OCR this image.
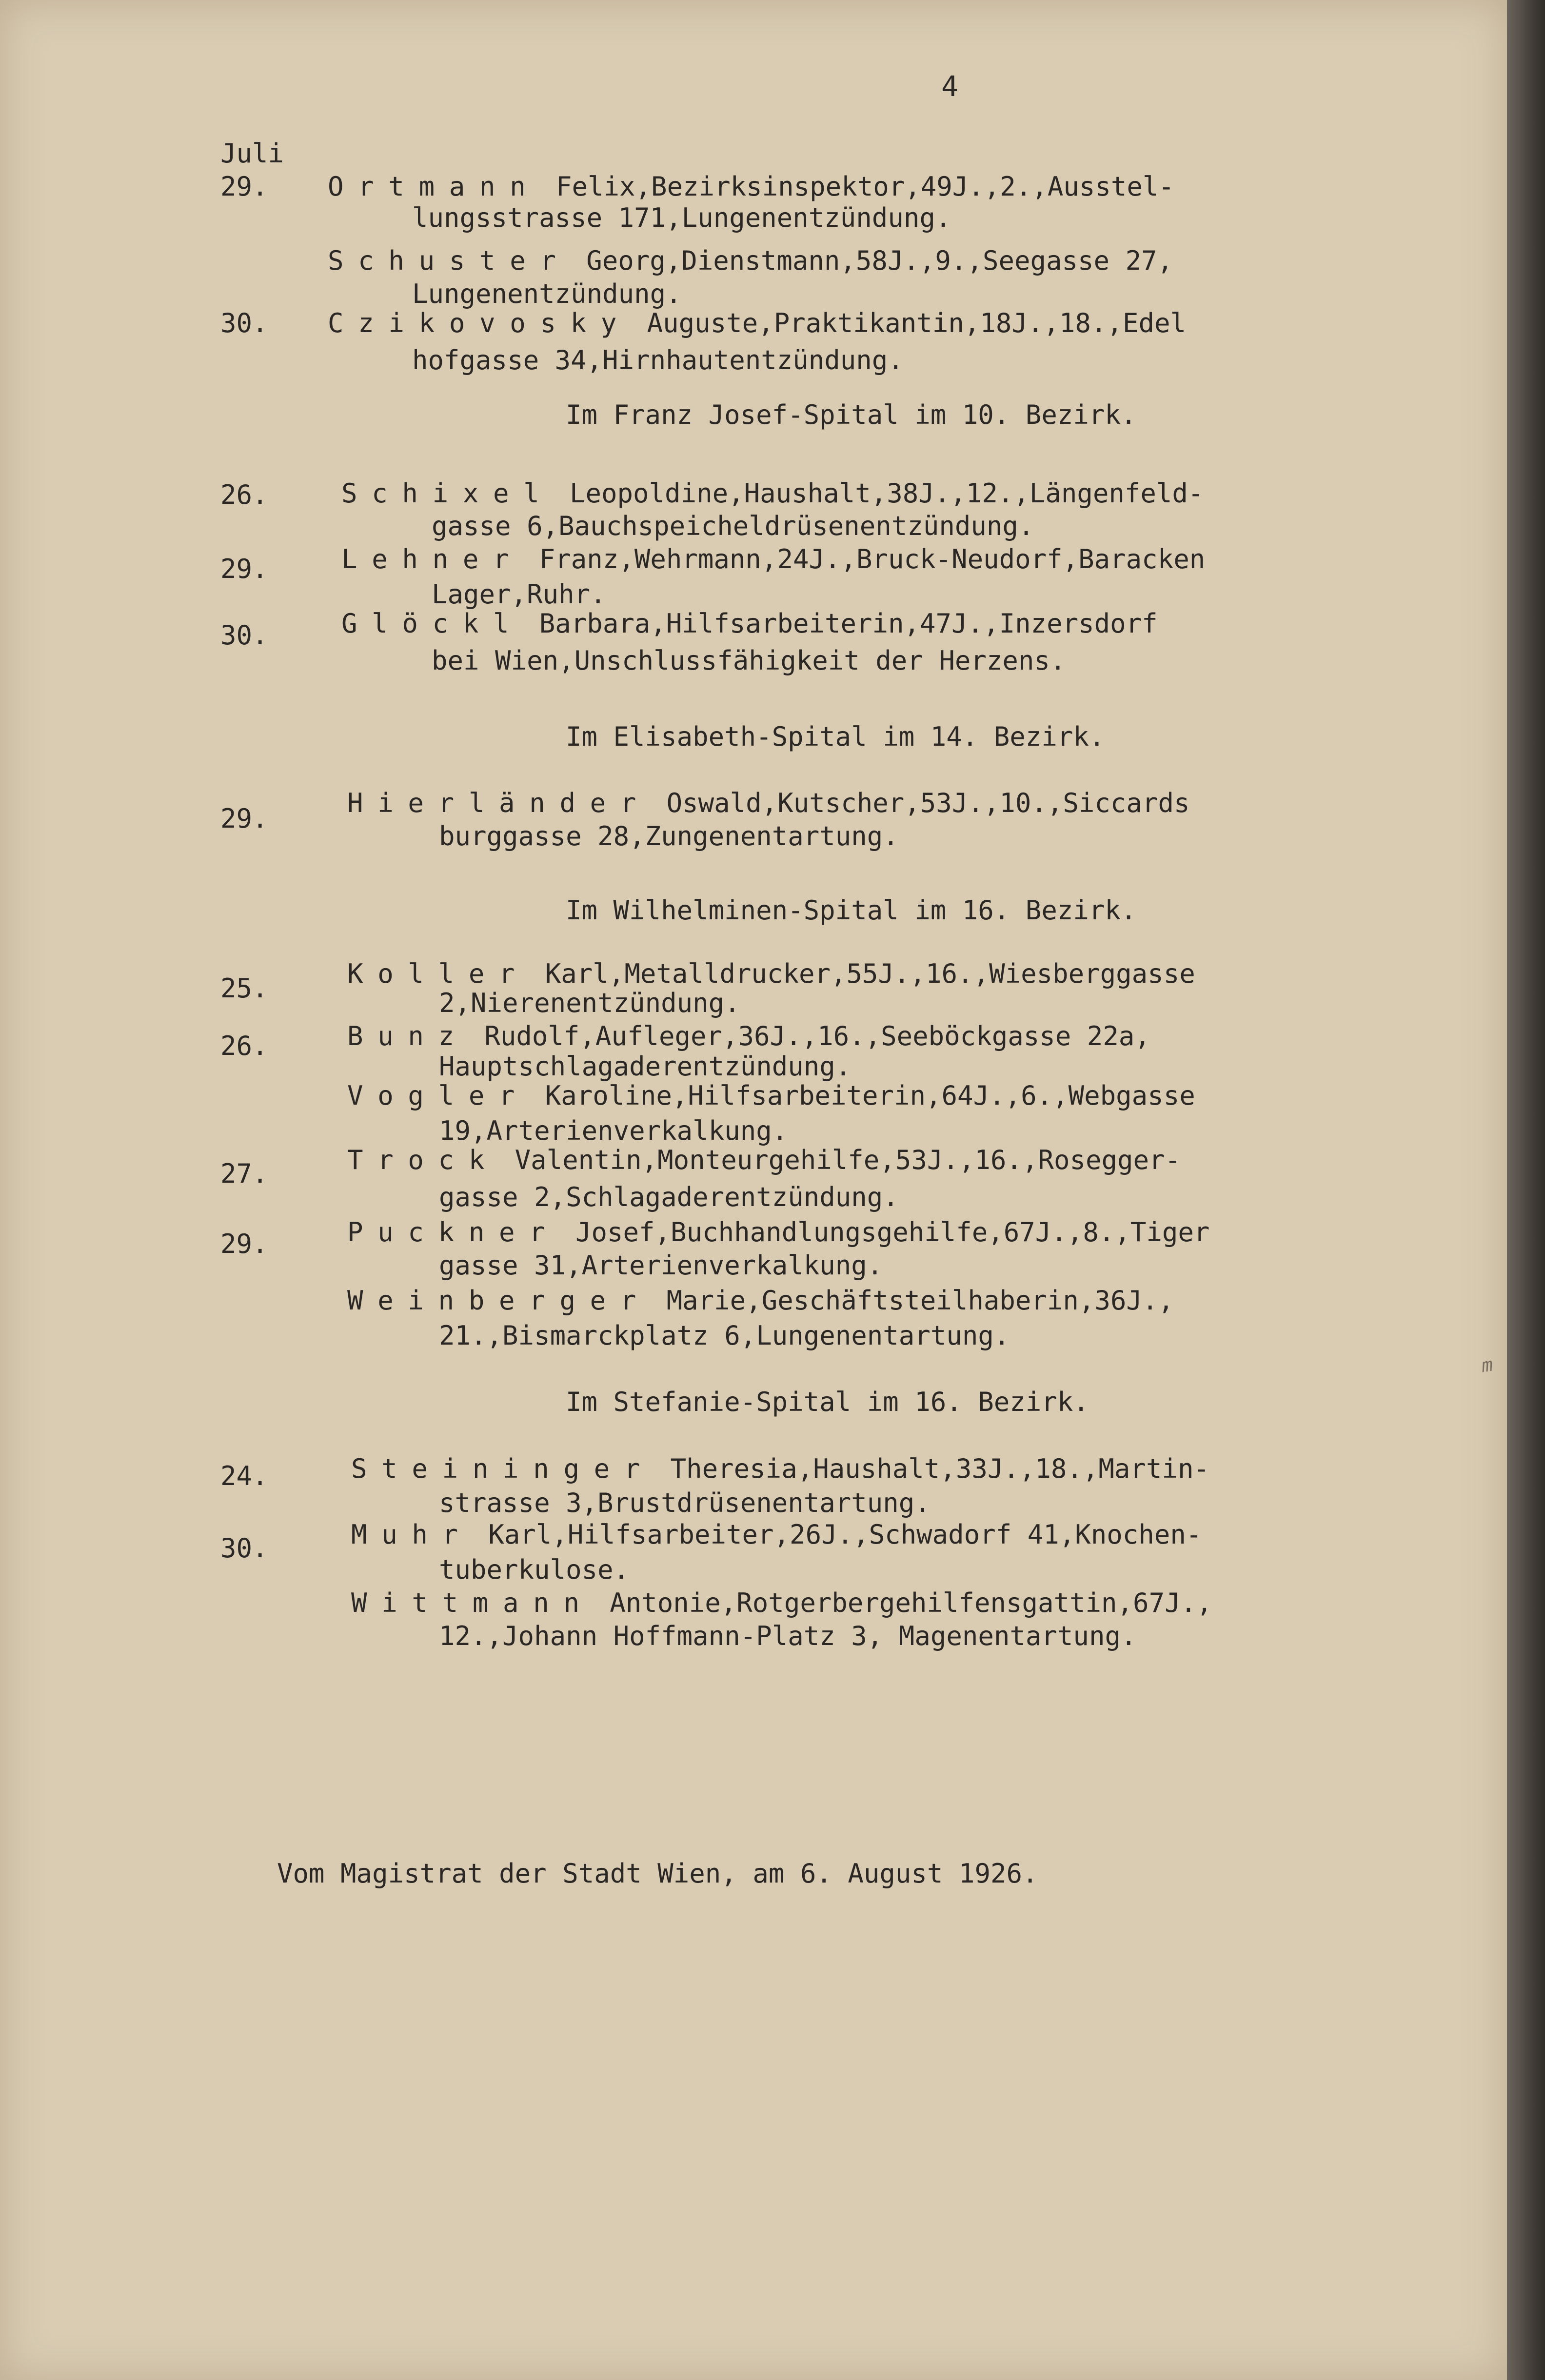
4
Juli
29. Ortmann Felix,Bezirksinspektor,49J.,2.,Ausstel-
lungsstrasse 171,Lungenentzündung.
Schuster Georg,Dienstmann,58J.,9.,Seegasse 27,
Lungenentzündung.
30. Czikovosky Auguste,Praktikantin,18J.,18.,Edel
hofgasse 34,Hirnhautentzündung.
Im Franz Josef-Spital im 10. Bezirk.
26.	Schixel Leopoldine,Haushalt,38J.,12.,Längenfeld-
gasse 6,Bauchspeicheldrüsenentzündung.
29.	Lehner Franz,Wehrmann,24J.,Bruck-Neudorf,Baracken
Lager,Ruhr.
30.	Glöckl Barbara,Hilfsarbeiterin,47J.,Inzersdorf
bei Wien,Unschlussfähigkeit der Herzens.
Im Elisabeth-Spital im 14. Bezirk.
29.
Hierländer Oswald,Kutscher,53J.,10.,Siccards
burggasse 28,Zungenentartung.
Im Wilhelminen-Spital im 16. Bezirk.
25.	Koller Karl,Metalldrucker,55J.,16.,Wiesberggasse
2,Nierenentzündung.
26.	Bunz Rudolf,Aufleger,36J.,16.,Seeböckgasse 22a,
Hauptschlagaderentzündung.
Vogler Karoline,Hilfsarbeiterin,64J.,6.,Webgasse
19,Arterienverkalkung.
27.	Trock Valentin,Monteurgehilfe,53J.,16.,Rosegger-
gasse 2,Schlagaderentzündung.
29.	Puckner Josef,Buchhandlungsgehilfe,67J.,8.,Tiger
gasse 31,Arterienverkalkung.
Weinberger Marie,Geschäftsteilhaberin,36J.,
21.,Bismarckplatz 6,Lungenentartung.
Im Stefanie-Spital im 16. Bezirk.
24.	Steininger Theresia,Haushalt,33J.,18.,Martin-
strasse 3,Brustdrüsenentartung.
30.	Muhr Karl,Hilfsarbeiter,26J.,Schwadorf 41,Knochen-
tuberkulose.
Wittmann Antonie,Rotgerbergehilfensgattin,67J.,
12.,Johann Hoffmann-Platz 3, Magenentartung.
Vom Magistrat der Stadt Wien, am 6. August 1926.
m
